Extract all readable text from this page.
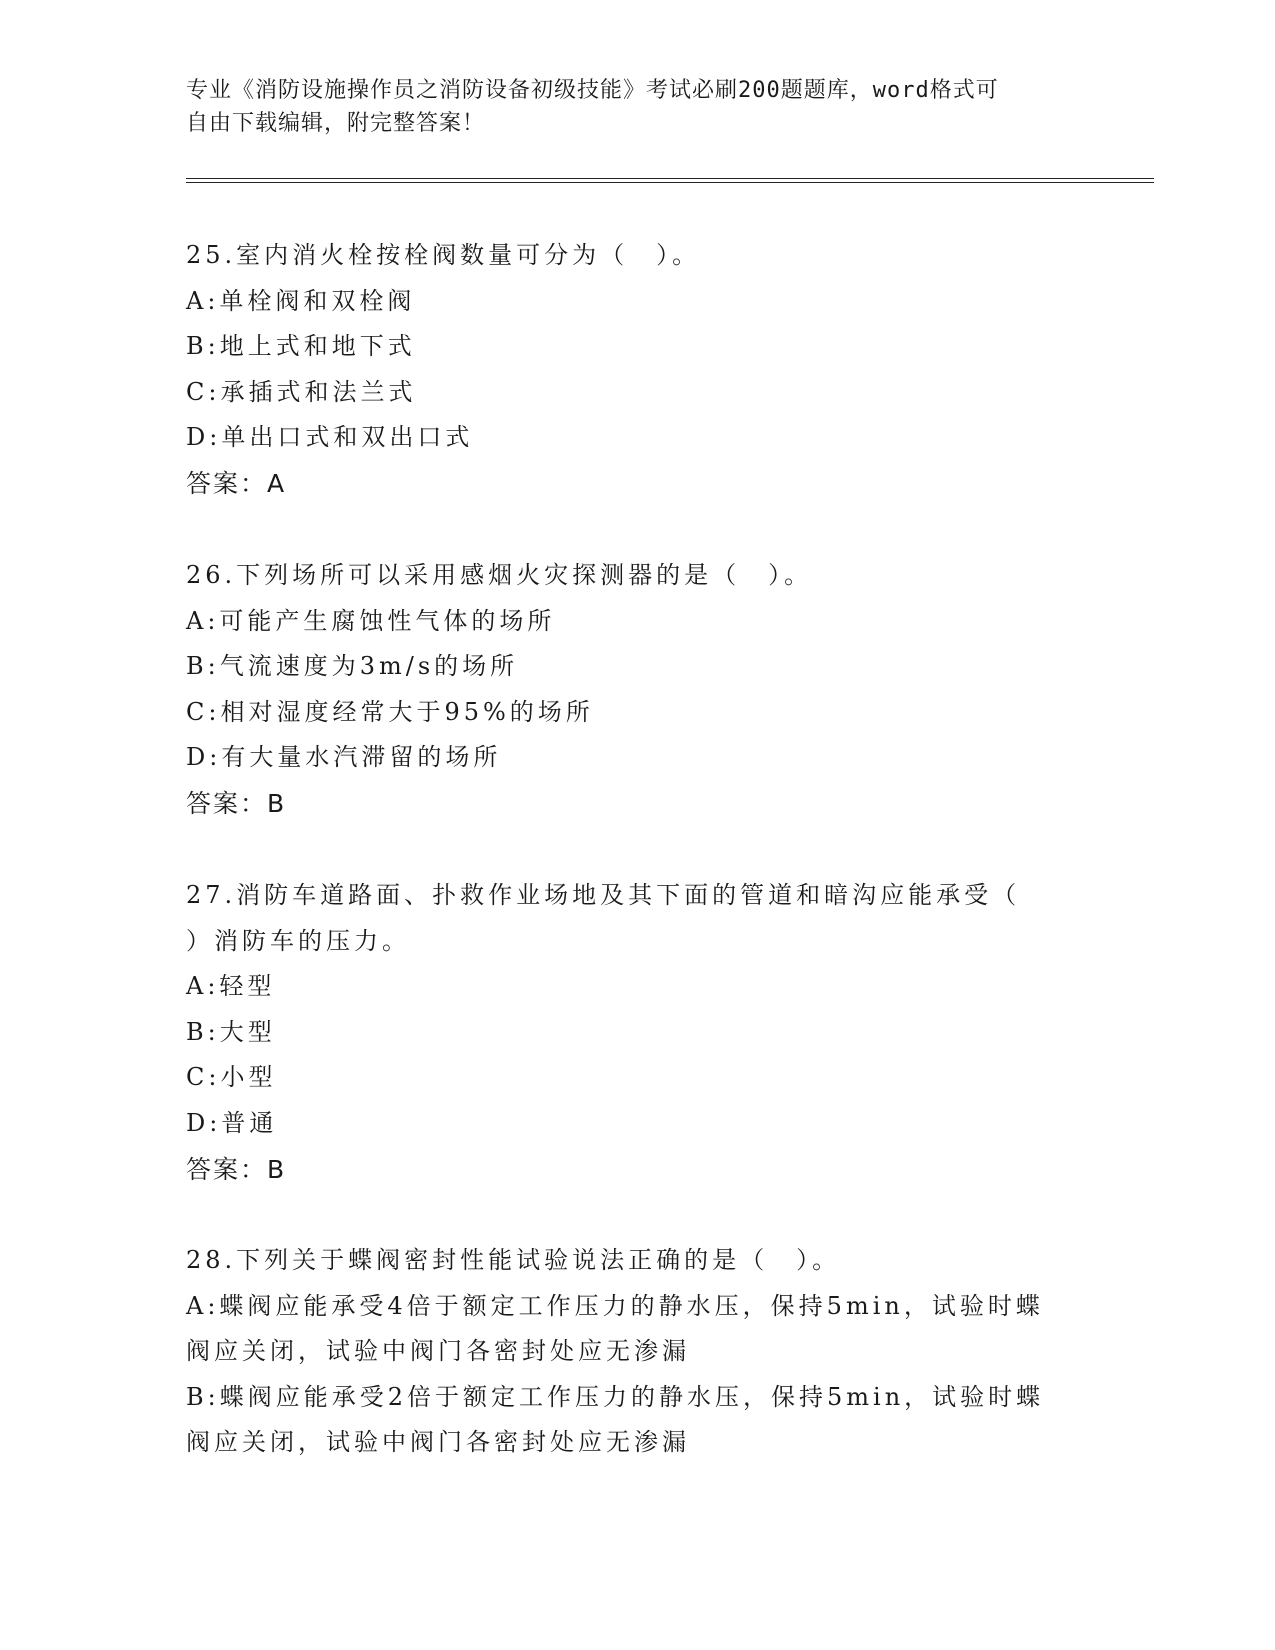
专业《消防设施操作员之消防设备初级技能》考试必刷200题题库，word格式可

自由下载编辑，附完整答案！

25.室内消火栓按栓阀数量可分为（　）。

A:单栓阀和双栓阀

B:地上式和地下式

C:承插式和法兰式

D:单出口式和双出口式

答案：A

26.下列场所可以采用感烟火灾探测器的是（　）。

A:可能产生腐蚀性气体的场所

B:气流速度为3m/s的场所

C:相对湿度经常大于95%的场所

D:有大量水汽滞留的场所

答案：B

27.消防车道路面、扑救作业场地及其下面的管道和暗沟应能承受（

）消防车的压力。

A:轻型

B:大型

C:小型

D:普通

答案：B

28.下列关于蝶阀密封性能试验说法正确的是（　）。

A:蝶阀应能承受4倍于额定工作压力的静水压，保持5min，试验时蝶

阀应关闭，试验中阀门各密封处应无渗漏

B:蝶阀应能承受2倍于额定工作压力的静水压，保持5min，试验时蝶

阀应关闭，试验中阀门各密封处应无渗漏
